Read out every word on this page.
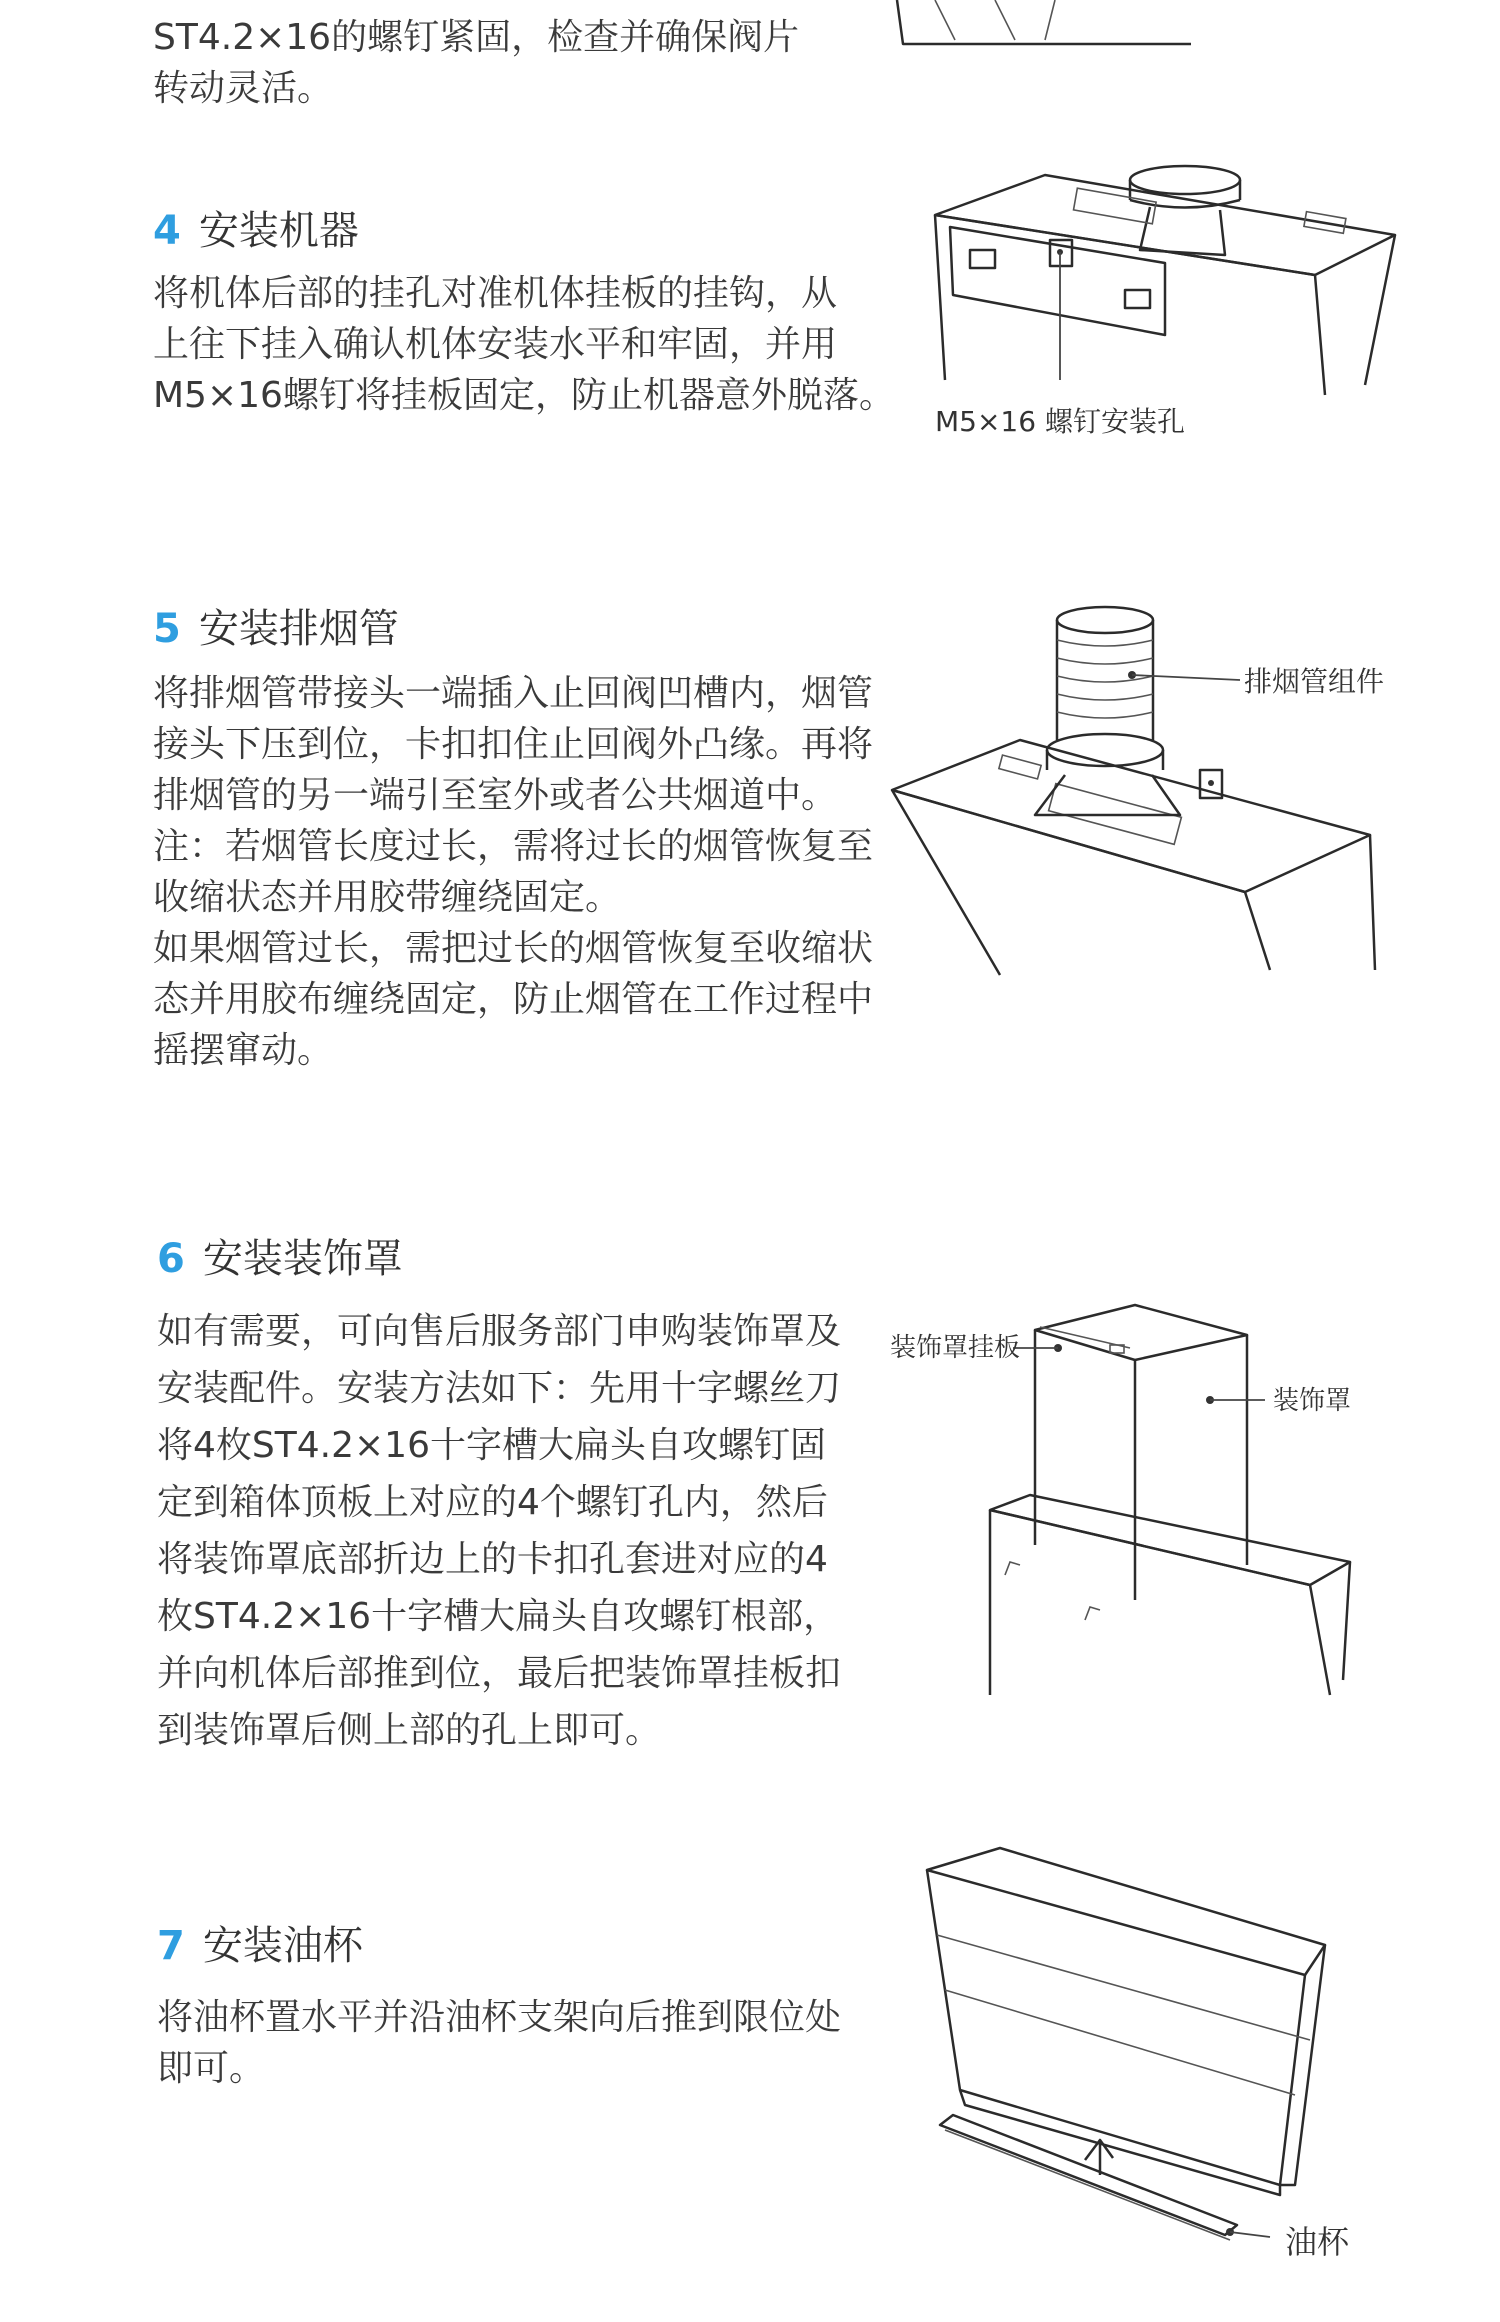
ST4.2×16的螺钉紧固，检查并确保阀片
转动灵活。
4 安装机器
将机体后部的挂孔对准机体挂板的挂钩，从
上往下挂入确认机体安装水平和牢固，并用
M5×16螺钉将挂板固定，防止机器意外脱落。
M5×16 螺钉安装孔
5 安装排烟管
将排烟管带接头一端插入止回阀凹槽内，烟管
接头下压到位，卡扣扣住止回阀外凸缘。再将
排烟管的另一端引至室外或者公共烟道中。
注：若烟管长度过长，需将过长的烟管恢复至
收缩状态并用胶带缠绕固定。
如果烟管过长，需把过长的烟管恢复至收缩状
态并用胶布缠绕固定，防止烟管在工作过程中
摇摆窜动。
排烟管组件
6 安装装饰罩
如有需要，可向售后服务部门申购装饰罩及
安装配件。安装方法如下：先用十字螺丝刀
将4枚ST4.2×16十字槽大扁头自攻螺钉固
定到箱体顶板上对应的4个螺钉孔内，然后
将装饰罩底部折边上的卡扣孔套进对应的4
枚ST4.2×16十字槽大扁头自攻螺钉根部，
并向机体后部推到位，最后把装饰罩挂板扣
到装饰罩后侧上部的孔上即可。
装饰罩挂板
装饰罩
7 安装油杯
将油杯置水平并沿油杯支架向后推到限位处
即可。
油杯
